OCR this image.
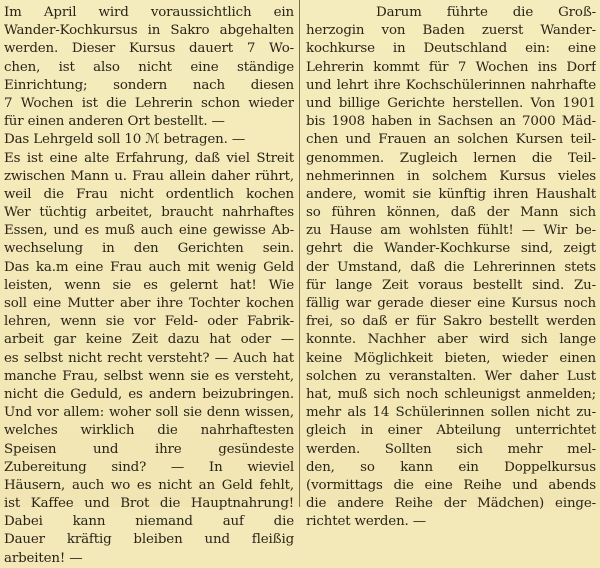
Im April wird voraussichtlich ein
Wander-Kochkursus in Sakro abgehalten
werden. Dieser Kursus dauert 7 Wo-
chen, ist also nicht eine ständige
Einrichtung; sondern nach diesen
7 Wochen ist die Lehrerin schon wieder
für einen anderen Ort bestellt. —
Das Lehrgeld soll 10 ℳ betragen. —
Es ist eine alte Erfahrung, daß viel Streit
zwischen Mann u. Frau allein daher rührt,
weil die Frau nicht ordentlich kochen
Wer tüchtig arbeitet, braucht nahrhaftes
Essen, und es muß auch eine gewisse Ab-
wechselung in den Gerichten sein.
Das ka.m eine Frau auch mit wenig Geld
leisten, wenn sie es gelernt hat! Wie
soll eine Mutter aber ihre Tochter kochen
lehren, wenn sie vor Feld- oder Fabrik-
arbeit gar keine Zeit dazu hat oder —
es selbst nicht recht versteht? — Auch hat
manche Frau, selbst wenn sie es versteht,
nicht die Geduld, es andern beizubringen.
Und vor allem: woher soll sie denn wissen,
welches wirklich die nahrhaftesten
Speisen und ihre gesündeste
Zubereitung sind? — In wieviel
Häusern, auch wo es nicht an Geld fehlt,
ist Kaffee und Brot die Hauptnahrung!
Dabei kann niemand auf die
Dauer kräftig bleiben und fleißig
arbeiten! —
Darum führte die Groß-
herzogin von Baden zuerst Wander-
kochkurse in Deutschland ein: eine
Lehrerin kommt für 7 Wochen ins Dorf
und lehrt ihre Kochschülerinnen nahrhafte
und billige Gerichte herstellen. Von 1901
bis 1908 haben in Sachsen an 7000 Mäd-
chen und Frauen an solchen Kursen teil-
genommen. Zugleich lernen die Teil-
nehmerinnen in solchem Kursus vieles
andere, womit sie künftig ihren Haushalt
so führen können, daß der Mann sich
zu Hause am wohlsten fühlt! — Wir be-
gehrt die Wander-Kochkurse sind, zeigt
der Umstand, daß die Lehrerinnen stets
für lange Zeit voraus bestellt sind. Zu-
fällig war gerade dieser eine Kursus noch
frei, so daß er für Sakro bestellt werden
konnte. Nachher aber wird sich lange
keine Möglichkeit bieten, wieder einen
solchen zu veranstalten. Wer daher Lust
hat, muß sich noch schleunigst anmelden;
mehr als 14 Schülerinnen sollen nicht zu-
gleich in einer Abteilung unterrichtet
werden. Sollten sich mehr mel-
den, so kann ein Doppelkursus
(vormittags die eine Reihe und abends
die andere Reihe der Mädchen) einge-
richtet werden. —
